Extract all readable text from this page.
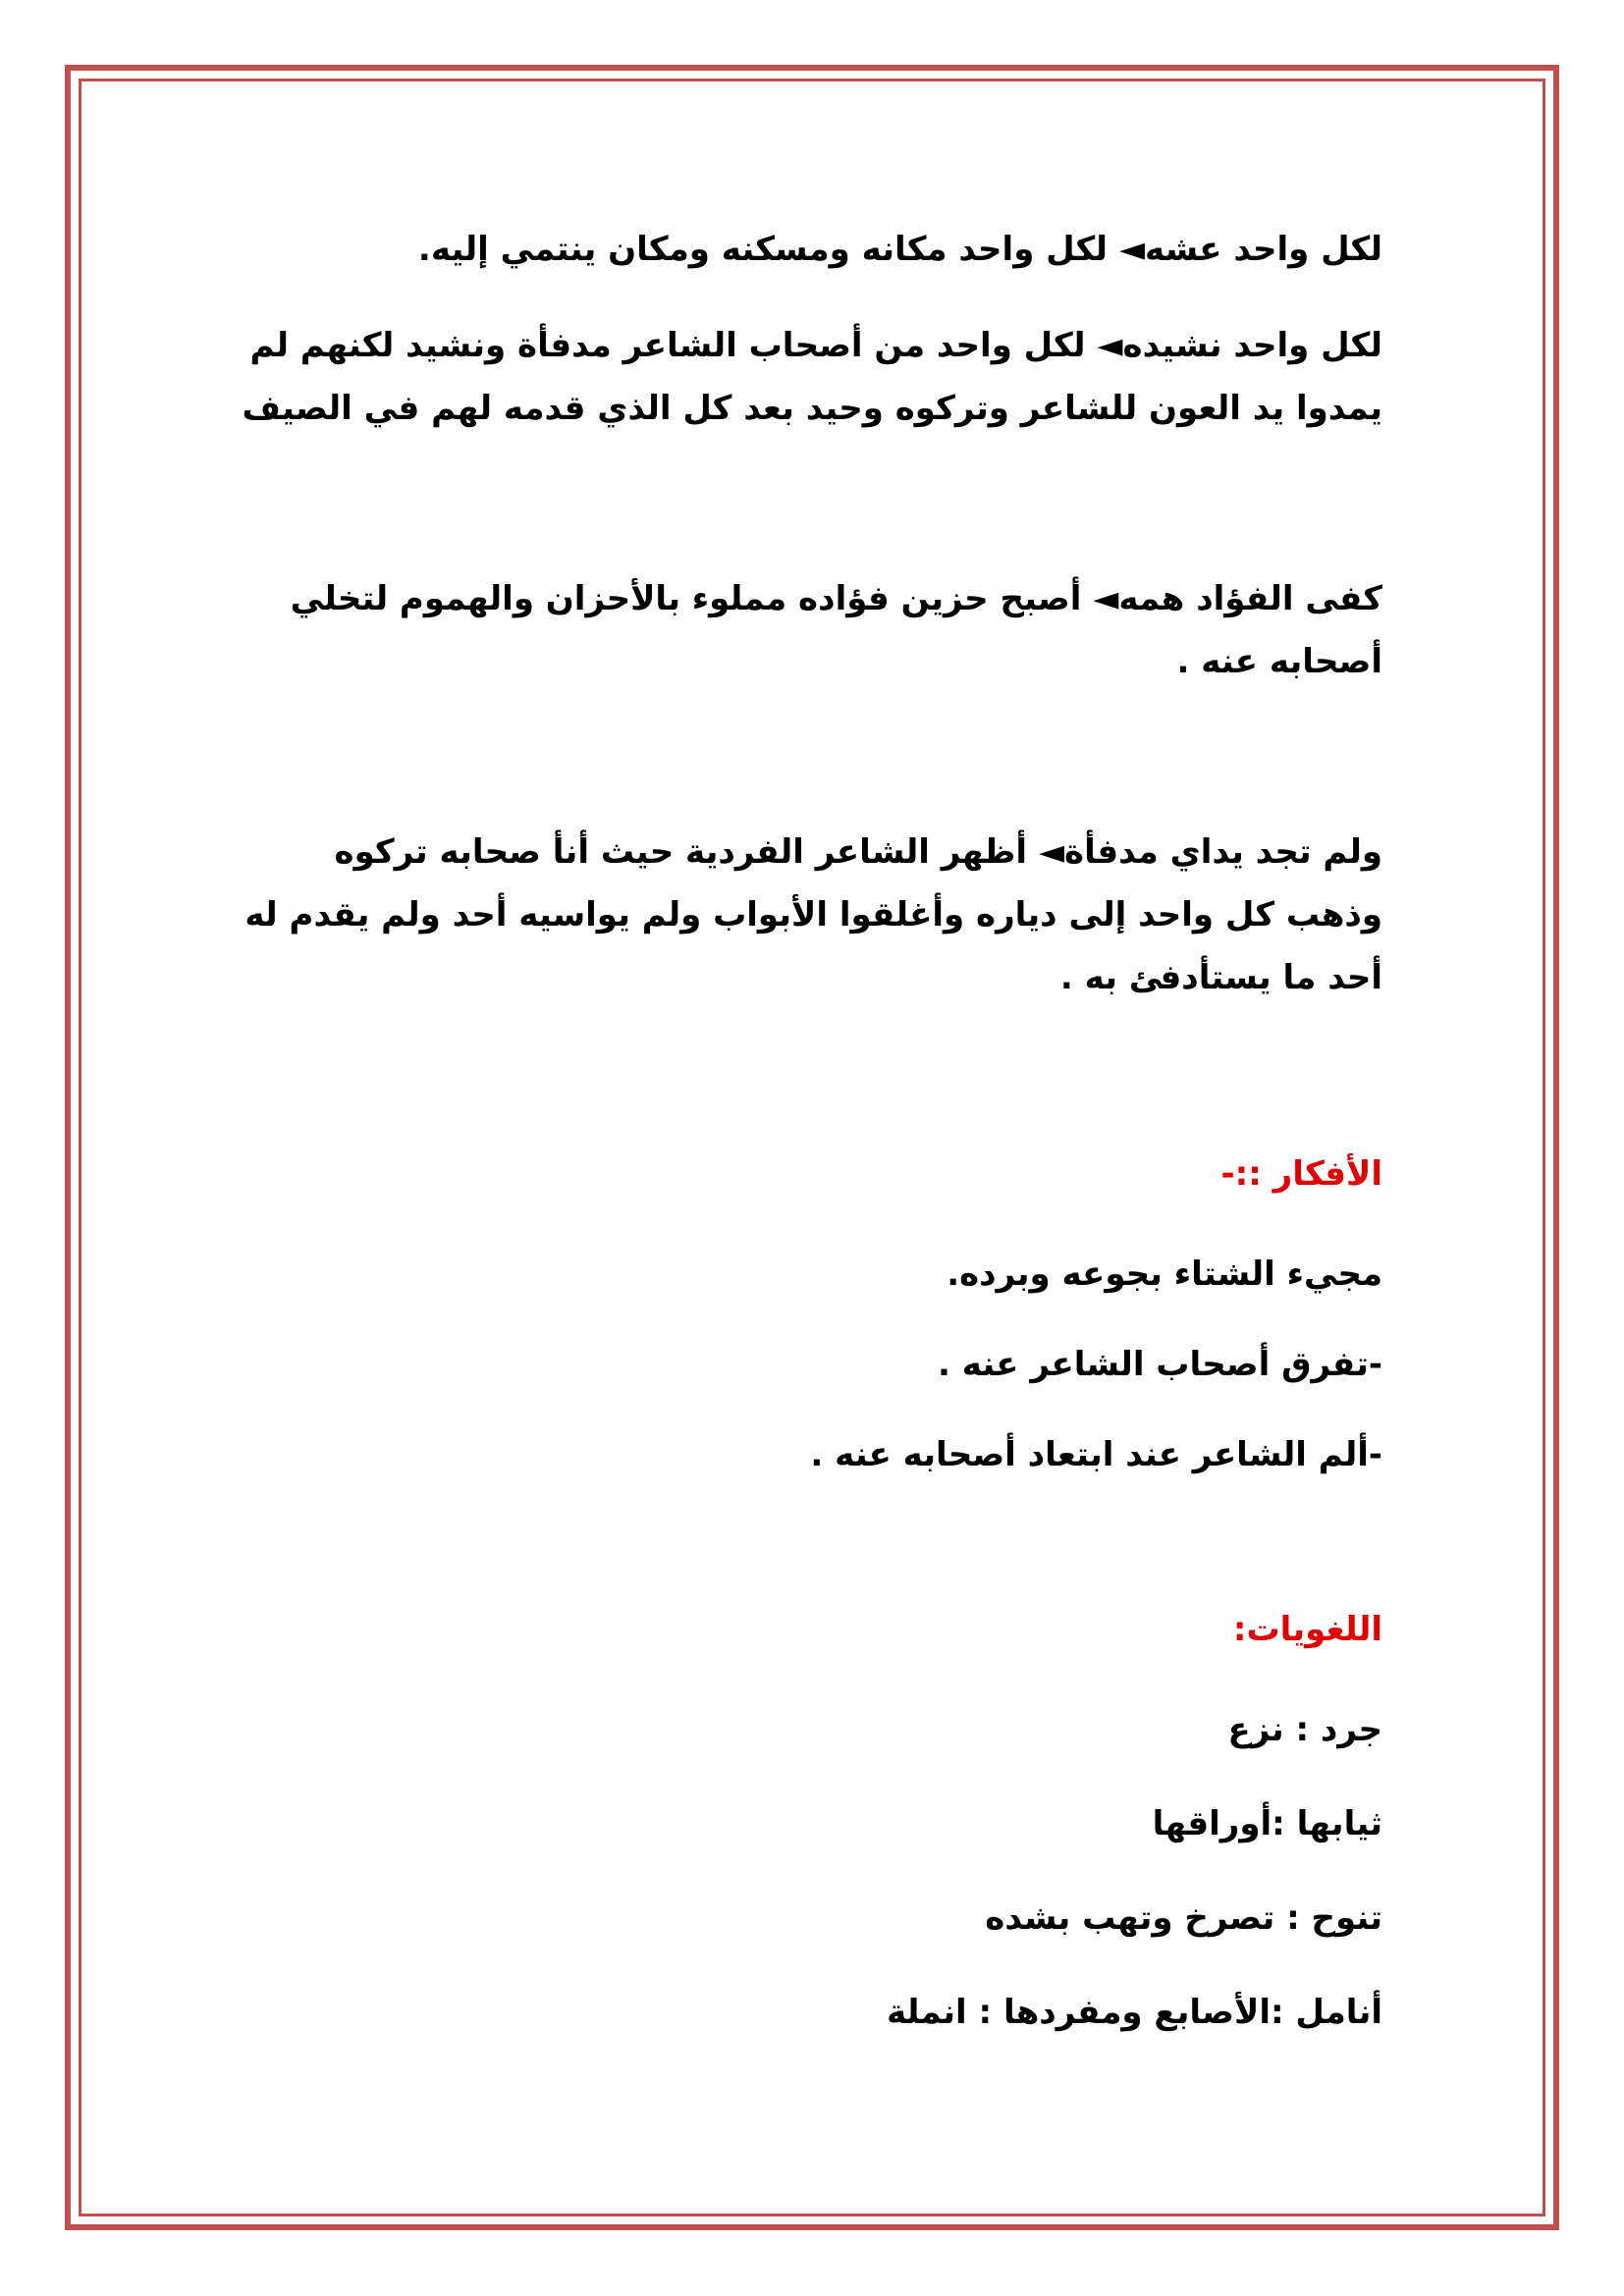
لكل واحد عشه◄ لكل واحد مكانه ومسكنه ومكان ينتمي إليه.
لكل واحد نشيده◄ لكل واحد من أصحاب الشاعر مدفأة ونشيد لكنهم لم
يمدوا يد العون للشاعر وتركوه وحيد بعد كل الذي قدمه لهم في الصيف
كفى الفؤاد همه◄ أصبح حزين فؤاده مملوء بالأحزان والهموم لتخلي
أصحابه عنه .
ولم تجد يداي مدفأة◄ أظهر الشاعر الفردية حيث أنأ صحابه تركوه
وذهب كل واحد إلى دياره وأغلقوا الأبواب ولم يواسيه أحد ولم يقدم له
أحد ما يستأدفئ به .
الأفكار ::-
مجيء الشتاء بجوعه وبرده.
-تفرق أصحاب الشاعر عنه .
-ألم الشاعر عند ابتعاد أصحابه عنه .
اللغويات:
جرد : نزع
ثيابها :أوراقها
تنوح : تصرخ وتهب بشده
أنامل :الأصابع ومفردها : انملة
